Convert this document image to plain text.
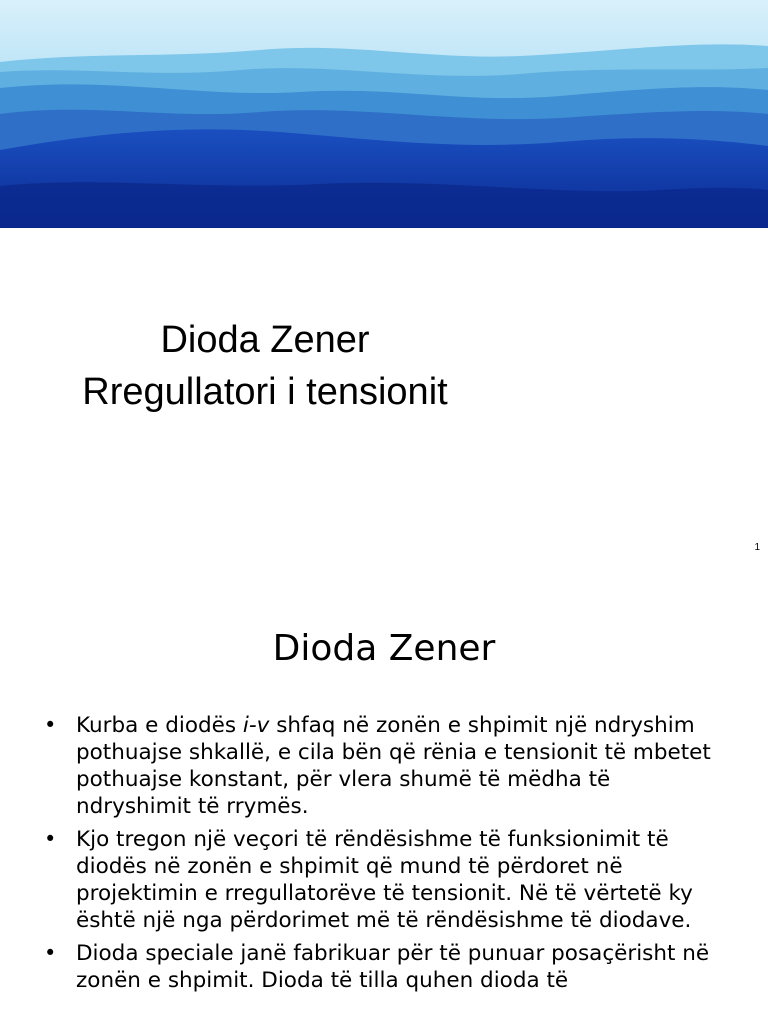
Dioda Zener
Rregullatori i tensionit
1
Dioda Zener
• Kurba e diodës i-v shfaq në zonën e shpimit një ndryshim pothuajse shkallë, e cila bën që rënia e tensionit të mbetet pothuajse konstant, për vlera shumë të mëdha të ndryshimit të rrymës.
• Kjo tregon një veçori të rëndësishme të funksionimit të diodës në zonën e shpimit që mund të përdoret në projektimin e rregullatorëve të tensionit. Në të vërtetë ky është një nga përdorimet më të rëndësishme të diodave.
• Dioda speciale janë fabrikuar për të punuar posaçërisht në zonën e shpimit. Dioda të tilla quhen dioda të
